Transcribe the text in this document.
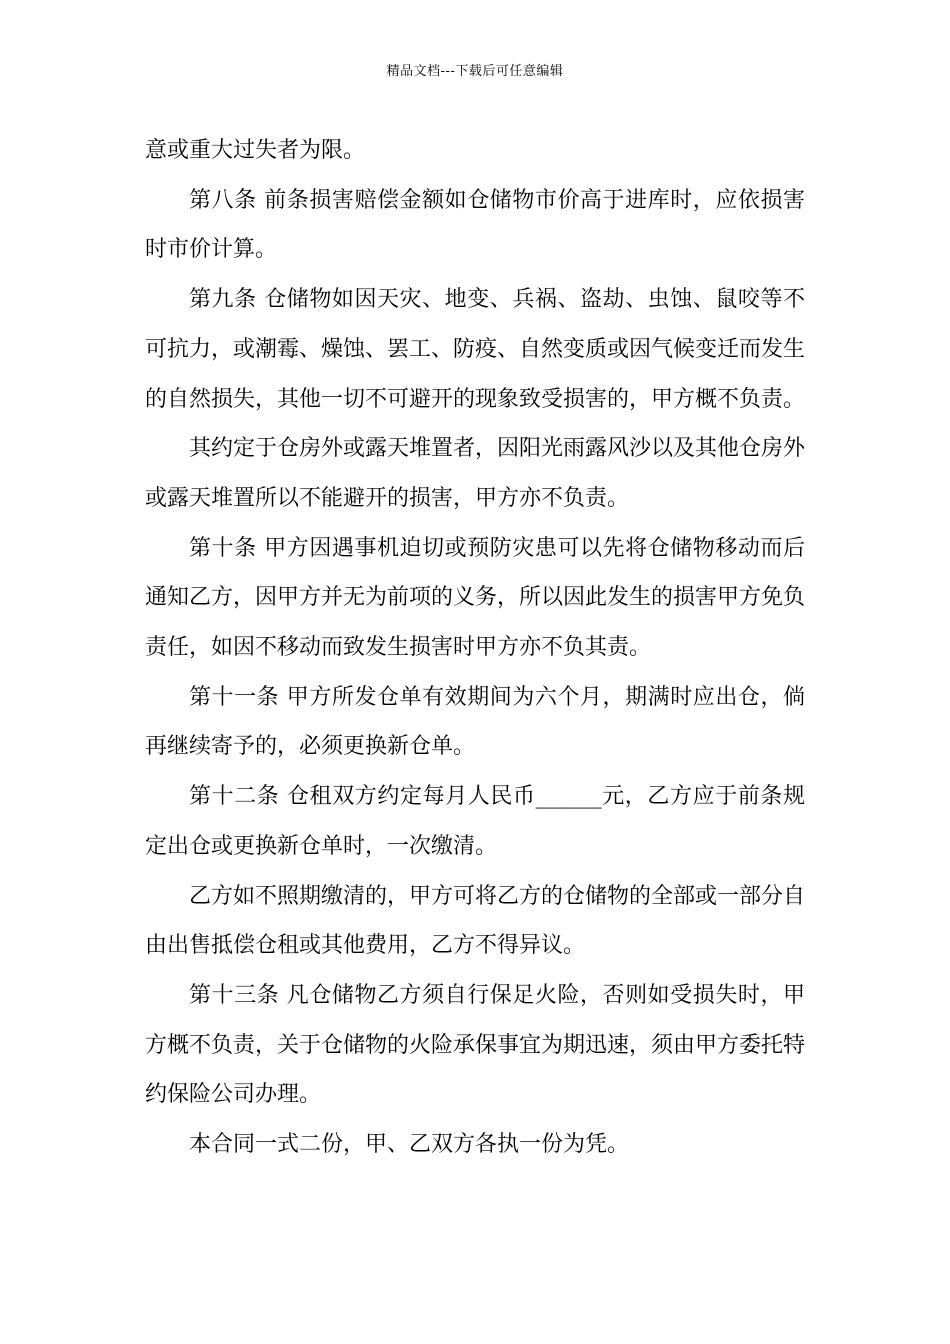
精品文档---下载后可任意编辑

意或重大过失者为限。

第八条 前条损害赔偿金额如仓储物市价高于进库时，应依损害时市价计算。

第九条 仓储物如因天灾、地变、兵祸、盗劫、虫蚀、鼠咬等不可抗力，或潮霉、燥蚀、罢工、防疫、自然变质或因气候变迁而发生的自然损失，其他一切不可避开的现象致受损害的，甲方概不负责。

其约定于仓房外或露天堆置者，因阳光雨露风沙以及其他仓房外或露天堆置所以不能避开的损害，甲方亦不负责。

第十条 甲方因遇事机迫切或预防灾患可以先将仓储物移动而后通知乙方，因甲方并无为前项的义务，所以因此发生的损害甲方免负责任，如因不移动而致发生损害时甲方亦不负其责。

第十一条 甲方所发仓单有效期间为六个月，期满时应出仓，倘再继续寄予的，必须更换新仓单。

第十二条 仓租双方约定每月人民币______元，乙方应于前条规定出仓或更换新仓单时，一次缴清。

乙方如不照期缴清的，甲方可将乙方的仓储物的全部或一部分自由出售抵偿仓租或其他费用，乙方不得异议。

第十三条 凡仓储物乙方须自行保足火险，否则如受损失时，甲方概不负责，关于仓储物的火险承保事宜为期迅速，须由甲方委托特约保险公司办理。

本合同一式二份，甲、乙双方各执一份为凭。
